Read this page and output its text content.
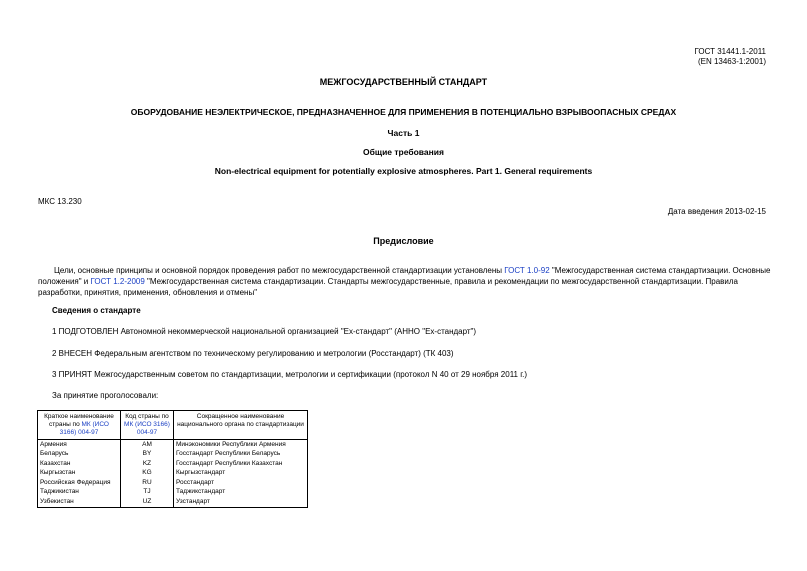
ГОСТ 31441.1-2011
(EN 13463-1:2001)
МЕЖГОСУДАРСТВЕННЫЙ СТАНДАРТ
ОБОРУДОВАНИЕ НЕЭЛЕКТРИЧЕСКОЕ, ПРЕДНАЗНАЧЕННОЕ ДЛЯ ПРИМЕНЕНИЯ В ПОТЕНЦИАЛЬНО ВЗРЫВООПАСНЫХ СРЕДАХ
Часть 1
Общие требования
Non-electrical equipment for potentially explosive atmospheres. Part 1. General requirements
МКС 13.230
Дата введения 2013-02-15
Предисловие
Цели, основные принципы и основной порядок проведения работ по межгосударственной стандартизации установлены ГОСТ 1.0-92 "Межгосударственная система стандартизации. Основные положения" и ГОСТ 1.2-2009 "Межгосударственная система стандартизации. Стандарты межгосударственные, правила и рекомендации по межгосударственной стандартизации. Правила разработки, принятия, применения, обновления и отмены"
Сведения о стандарте
1 ПОДГОТОВЛЕН Автономной некоммерческой национальной организацией "Ех-стандарт" (АННО "Ех-стандарт")
2 ВНЕСЕН Федеральным агентством по техническому регулированию и метрологии (Росстандарт) (ТК 403)
3 ПРИНЯТ Межгосударственным советом по стандартизации, метрологии и сертификации (протокол N 40 от 29 ноября 2011 г.)
За принятие проголосовали:
Краткое наименование страны по МК (ИСО 3166) 004-97	Код страны по МК (ИСО 3166) 004-97	Сокращенное наименование национального органа по стандартизации
Армения	AM	Минэкономики Республики Армения
Беларусь	BY	Госстандарт Республики Беларусь
Казахстан	KZ	Госстандарт Республики Казахстан
Кыргызстан	KG	Кыргызстандарт
Российская Федерация	RU	Росстандарт
Таджикистан	TJ	Таджикстандарт
Узбекистан	UZ	Узстандарт
